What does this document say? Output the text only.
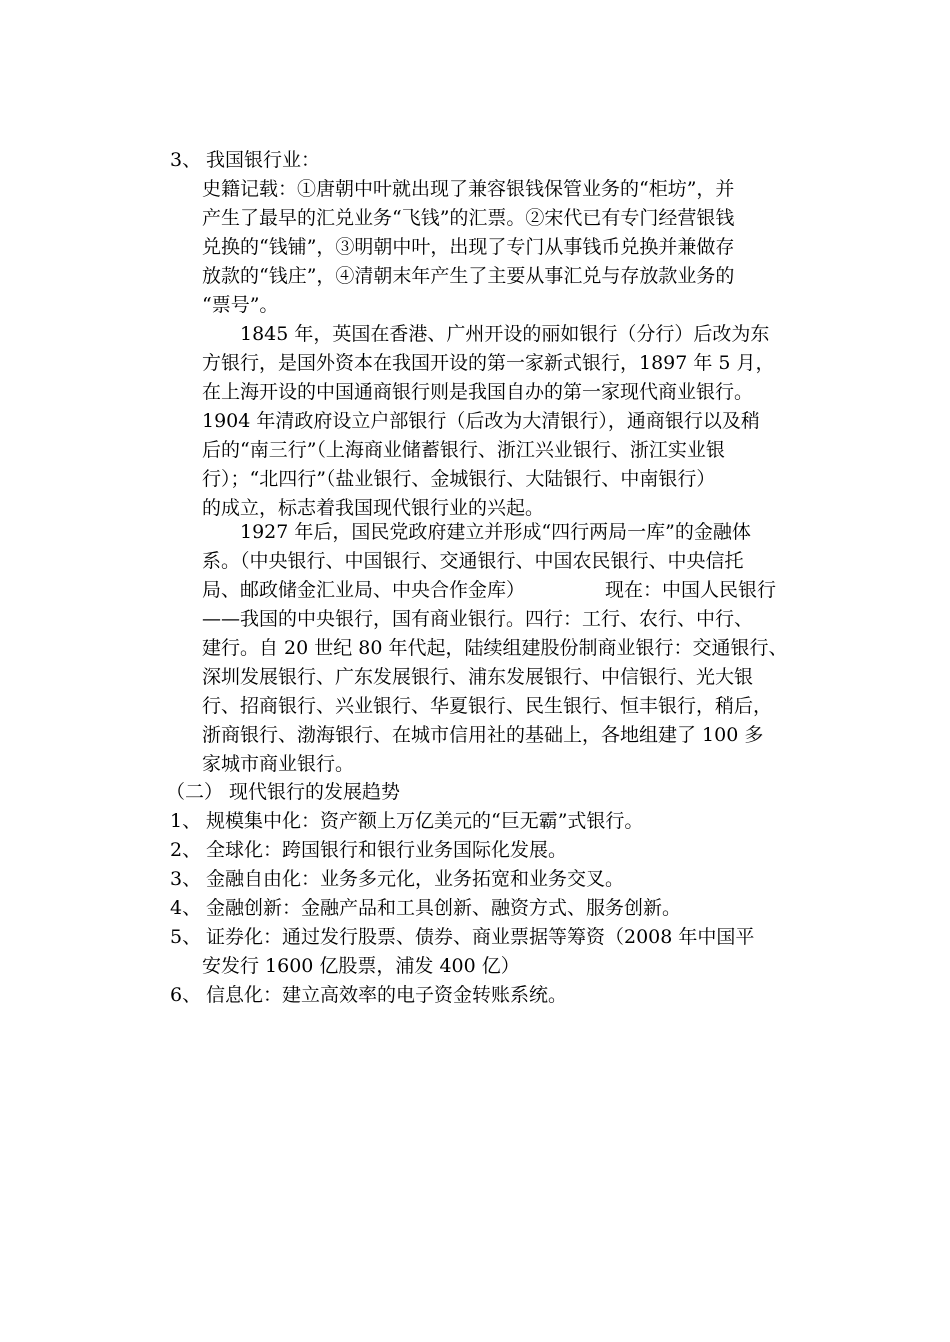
3、 我国银行业：
史籍记载：①唐朝中叶就出现了兼容银钱保管业务的“柜坊”，并
产生了最早的汇兑业务“飞钱”的汇票。②宋代已有专门经营银钱
兑换的“钱铺”，③明朝中叶，出现了专门从事钱币兑换并兼做存
放款的“钱庄”，④清朝末年产生了主要从事汇兑与存放款业务的
“票号”。
1845 年，英国在香港、广州开设的丽如银行（分行）后改为东
方银行，是国外资本在我国开设的第一家新式银行，1897 年 5 月，
在上海开设的中国通商银行则是我国自办的第一家现代商业银行。
1904 年清政府设立户部银行（后改为大清银行），通商银行以及稍
后的“南三行”（上海商业储蓄银行、浙江兴业银行、浙江实业银
行）；“北四行”（盐业银行、金城银行、大陆银行、中南银行）
的成立，标志着我国现代银行业的兴起。
1927 年后，国民党政府建立并形成“四行两局一库”的金融体
系。（中央银行、中国银行、交通银行、中国农民银行、中央信托
局、邮政储金汇业局、中央合作金库）	现在：中国人民银行
——我国的中央银行，国有商业银行。四行：工行、农行、中行、
建行。自 20 世纪 80 年代起，陆续组建股份制商业银行：交通银行、
深圳发展银行、广东发展银行、浦东发展银行、中信银行、光大银
行、招商银行、兴业银行、华夏银行、民生银行、恒丰银行，稍后，
浙商银行、渤海银行、在城市信用社的基础上，各地组建了 100 多
家城市商业银行。
（二） 现代银行的发展趋势
1、 规模集中化：资产额上万亿美元的“巨无霸”式银行。
2、 全球化：跨国银行和银行业务国际化发展。
3、 金融自由化：业务多元化，业务拓宽和业务交叉。
4、 金融创新：金融产品和工具创新、融资方式、服务创新。
5、 证券化：通过发行股票、债券、商业票据等筹资（2008 年中国平
安发行 1600 亿股票，浦发 400 亿）
6、 信息化：建立高效率的电子资金转账系统。
